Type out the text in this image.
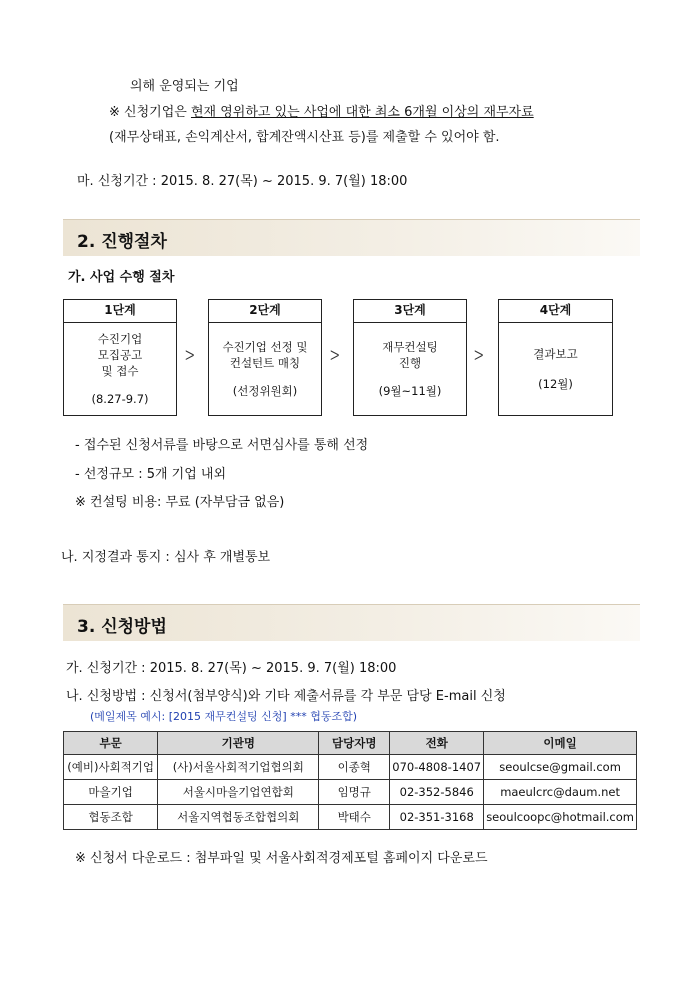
의해 운영되는 기업
※ 신청기업은 현재 영위하고 있는 사업에 대한 최소 6개월 이상의 재무자료
(재무상태표, 손익계산서, 합계잔액시산표 등)를 제출할 수 있어야 함.
마. 신청기간 : 2015. 8. 27(목) ~ 2015. 9. 7(월) 18:00
2. 진행절차
가. 사업 수행 절차
1단계
수진기업
모집공고
및 접수
(8.27-9.7)
ᐳ
2단계
수진기업 선정 및
컨설턴트 매칭
(선정위원회)
ᐳ
3단계
재무컨설팅
진행
(9월~11월)
ᐳ
4단계
결과보고
(12월)
- 접수된 신청서류를 바탕으로 서면심사를 통해 선정
- 선정규모 : 5개 기업 내외
※ 컨설팅 비용: 무료 (자부담금 없음)
나. 지정결과 통지 : 심사 후 개별통보
3. 신청방법
가. 신청기간 : 2015. 8. 27(목) ~ 2015. 9. 7(월) 18:00
나. 신청방법 : 신청서(첨부양식)와 기타 제출서류를 각 부문 담당 E-mail 신청
(메일제목 예시: [2015 재무컨설팅 신청] *** 협동조합)
부문	기관명	담당자명	전화	이메일
(예비)사회적기업	(사)서울사회적기업협의회	이종혁	070-4808-1407	seoulcse@gmail.com
마을기업	서울시마을기업연합회	임명규	02-352-5846	maeulcrc@daum.net
협동조합	서울지역협동조합협의회	박태수	02-351-3168	seoulcoopc@hotmail.com
※ 신청서 다운로드 : 첨부파일 및 서울사회적경제포털 홈페이지 다운로드
